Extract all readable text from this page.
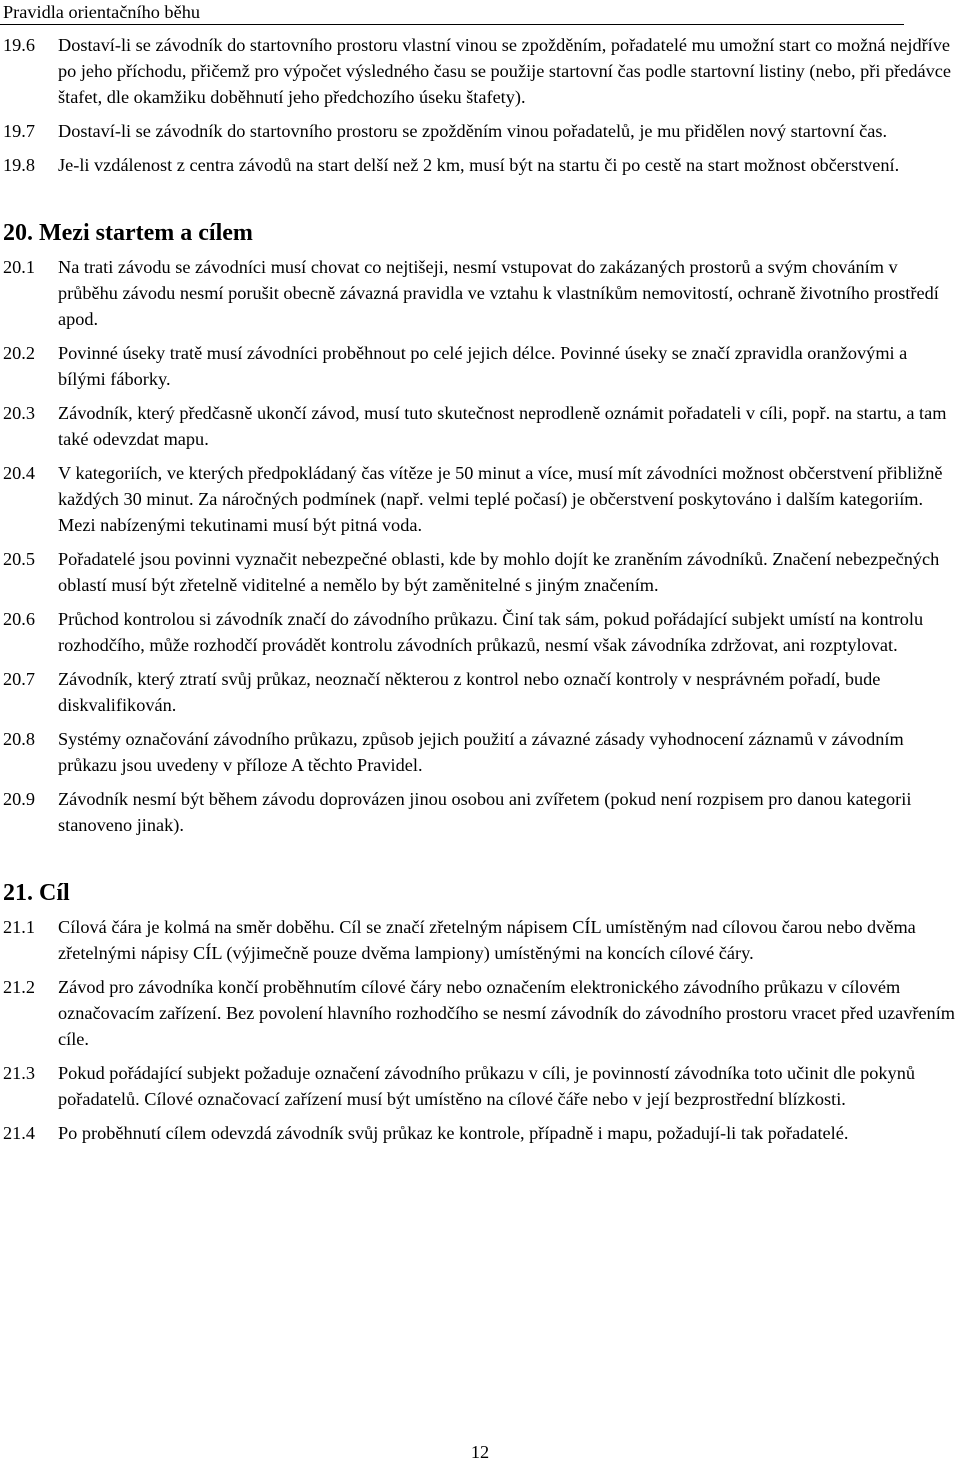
Pravidla orientačního běhu
19.6 Dostaví-li se závodník do startovního prostoru vlastní vinou se zpožděním, pořadatelé mu umožní start co možná nejdříve po jeho příchodu, přičemž pro výpočet výsledného času se použije startovní čas podle startovní listiny (nebo, při předávce štafet, dle okamžiku doběhnutí jeho předchozího úseku štafety).
19.7 Dostaví-li se závodník do startovního prostoru se zpožděním vinou pořadatelů, je mu přidělen nový startovní čas.
19.8 Je-li vzdálenost z centra závodů na start delší než 2 km, musí být na startu či po cestě na start možnost občerstvení.
20. Mezi startem a cílem
20.1 Na trati závodu se závodníci musí chovat co nejtišeji, nesmí vstupovat do zakázaných prostorů a svým chováním v průběhu závodu nesmí porušit obecně závazná pravidla ve vztahu k vlastníkům nemovitostí, ochraně životního prostředí apod.
20.2 Povinné úseky tratě musí závodníci proběhnout po celé jejich délce. Povinné úseky se značí zpravidla oranžovými a bílými fáborky.
20.3 Závodník, který předčasně ukončí závod, musí tuto skutečnost neprodleně oznámit pořadateli v cíli, popř. na startu, a tam také odevzdat mapu.
20.4 V kategoriích, ve kterých předpokládaný čas vítěze je 50 minut a více, musí mít závodníci možnost občerstvení přibližně každých 30 minut. Za náročných podmínek (např. velmi teplé počasí) je občerstvení poskytováno i dalším kategoriím. Mezi nabízenými tekutinami musí být pitná voda.
20.5 Pořadatelé jsou povinni vyznačit nebezpečné oblasti, kde by mohlo dojít ke zraněním závodníků. Značení nebezpečných oblastí musí být zřetelně viditelné a nemělo by být zaměnitelné s jiným značením.
20.6 Průchod kontrolou si závodník značí do závodního průkazu. Činí tak sám, pokud pořádající subjekt umístí na kontrolu rozhodčího, může rozhodčí provádět kontrolu závodních průkazů, nesmí však závodníka zdržovat, ani rozptylovat.
20.7 Závodník, který ztratí svůj průkaz, neoznačí některou z kontrol nebo označí kontroly v nesprávném pořadí, bude diskvalifikován.
20.8 Systémy označování závodního průkazu, způsob jejich použití a závazné zásady vyhodnocení záznamů v závodním průkazu jsou uvedeny v příloze A těchto Pravidel.
20.9 Závodník nesmí být během závodu doprovázen jinou osobou ani zvířetem (pokud není rozpisem pro danou kategorii stanoveno jinak).
21. Cíl
21.1 Cílová čára je kolmá na směr doběhu. Cíl se značí zřetelným nápisem CÍL umístěným nad cílovou čarou nebo dvěma zřetelnými nápisy CÍL (výjimečně pouze dvěma lampiony) umístěnými na koncích cílové čáry.
21.2 Závod pro závodníka končí proběhnutím cílové čáry nebo označením elektronického závodního průkazu v cílovém označovacím zařízení. Bez povolení hlavního rozhodčího se nesmí závodník do závodního prostoru vracet před uzavřením cíle.
21.3 Pokud pořádající subjekt požaduje označení závodního průkazu v cíli, je povinností závodníka toto učinit dle pokynů pořadatelů. Cílové označovací zařízení musí být umístěno na cílové čáře nebo v její bezprostřední blízkosti.
21.4 Po proběhnutí cílem odevzdá závodník svůj průkaz ke kontrole, případně i mapu, požadují-li tak pořadatelé.
12
